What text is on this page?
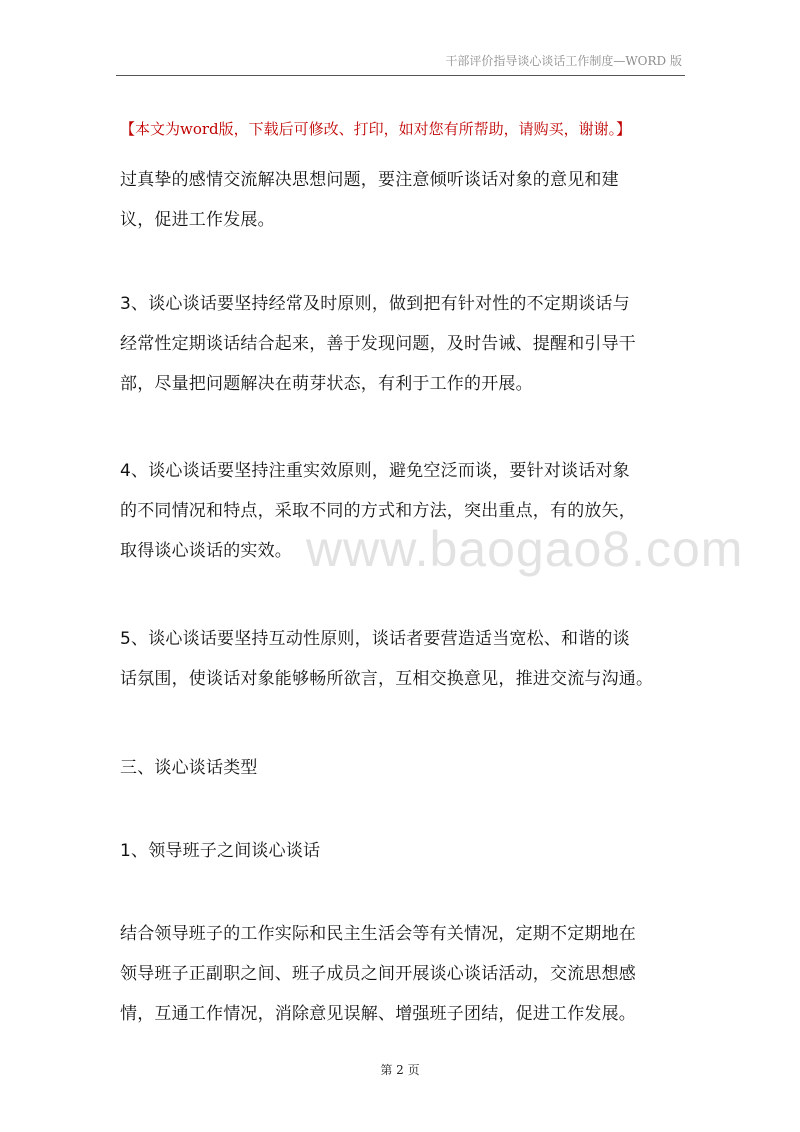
干部评价指导谈心谈话工作制度—WORD 版
【本文为word版，下载后可修改、打印，如对您有所帮助，请购买，谢谢。】
www.baogao8.com
过真挚的感情交流解决思想问题，要注意倾听谈话对象的意见和建
议，促进工作发展。
3、谈心谈话要坚持经常及时原则，做到把有针对性的不定期谈话与
经常性定期谈话结合起来，善于发现问题，及时告诫、提醒和引导干
部，尽量把问题解决在萌芽状态，有利于工作的开展。
4、谈心谈话要坚持注重实效原则，避免空泛而谈，要针对谈话对象
的不同情况和特点，采取不同的方式和方法，突出重点，有的放矢，
取得谈心谈话的实效。
5、谈心谈话要坚持互动性原则，谈话者要营造适当宽松、和谐的谈
话氛围，使谈话对象能够畅所欲言，互相交换意见，推进交流与沟通。
三、谈心谈话类型
1、领导班子之间谈心谈话
结合领导班子的工作实际和民主生活会等有关情况，定期不定期地在
领导班子正副职之间、班子成员之间开展谈心谈话活动，交流思想感
情，互通工作情况，消除意见误解、增强班子团结，促进工作发展。
第 2 页
